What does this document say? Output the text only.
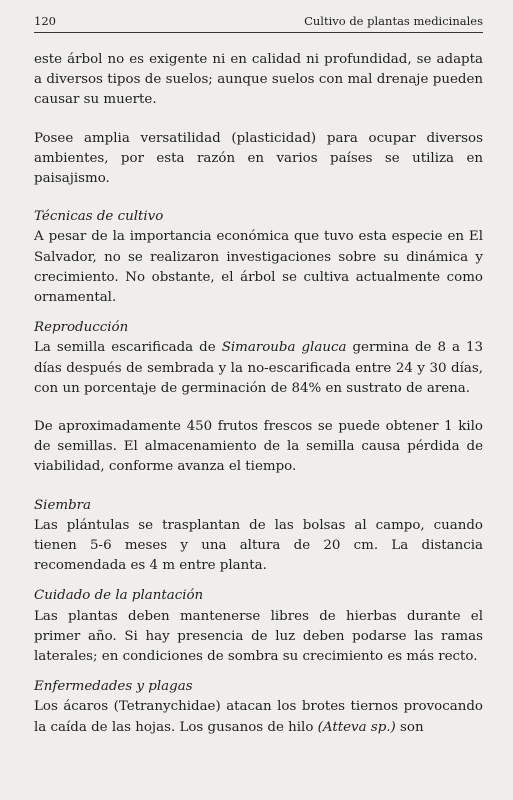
120	Cultivo de plantas medicinales

este árbol no es exigente ni en calidad ni profundidad, se adapta a diversos tipos de suelos; aunque suelos con mal drenaje pueden causar su muerte.

Posee amplia versatilidad (plasticidad) para ocupar diversos ambientes, por esta razón en varios países se utiliza en paisajismo.

Técnicas de cultivo

A pesar de la importancia económica que tuvo esta especie en El Salvador, no se realizaron investigaciones sobre su dinámica y crecimiento. No obstante, el árbol se cultiva actualmente como ornamental.

Reproducción

La semilla escarificada de Simarouba glauca germina de 8 a 13 días después de sembrada y la no-escarificada entre 24 y 30 días, con un porcentaje de germinación de 84% en sustrato de arena.

De aproximadamente 450 frutos frescos se puede obtener 1 kilo de semillas. El almacenamiento de la semilla causa pérdida de viabilidad, conforme avanza el tiempo.

Siembra

Las plántulas se trasplantan de las bolsas al campo, cuando tienen 5-6 meses y una altura de 20 cm. La distancia recomendada es 4 m entre planta.

Cuidado de la plantación

Las plantas deben mantenerse libres de hierbas durante el primer año. Si hay presencia de luz deben podarse las ramas laterales; en condiciones de sombra su crecimiento es más recto.

Enfermedades y plagas

Los ácaros (Tetranychidae) atacan los brotes tiernos provocando la caída de las hojas. Los gusanos de hilo (Atteva sp.) son
